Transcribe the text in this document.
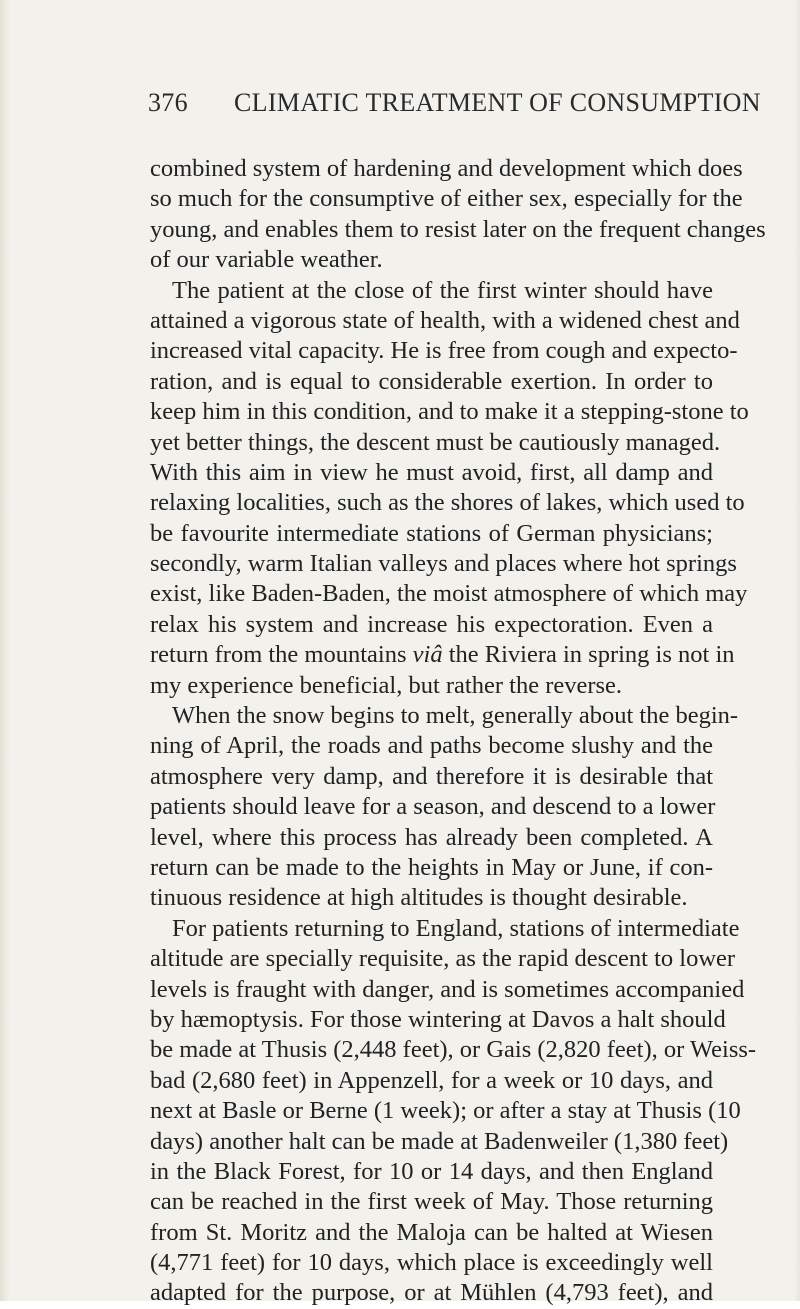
376 CLIMATIC TREATMENT OF CONSUMPTION
combined system of hardening and development which does
so much for the consumptive of either sex, especially for the
young, and enables them to resist later on the frequent changes
of our variable weather.
The patient at the close of the first winter should have
attained a vigorous state of health, with a widened chest and
increased vital capacity. He is free from cough and expecto-
ration, and is equal to considerable exertion. In order to
keep him in this condition, and to make it a stepping-stone to
yet better things, the descent must be cautiously managed.
With this aim in view he must avoid, first, all damp and
relaxing localities, such as the shores of lakes, which used to
be favourite intermediate stations of German physicians;
secondly, warm Italian valleys and places where hot springs
exist, like Baden-Baden, the moist atmosphere of which may
relax his system and increase his expectoration. Even a
return from the mountains viâ the Riviera in spring is not in
my experience beneficial, but rather the reverse.
When the snow begins to melt, generally about the begin-
ning of April, the roads and paths become slushy and the
atmosphere very damp, and therefore it is desirable that
patients should leave for a season, and descend to a lower
level, where this process has already been completed. A
return can be made to the heights in May or June, if con-
tinuous residence at high altitudes is thought desirable.
For patients returning to England, stations of intermediate
altitude are specially requisite, as the rapid descent to lower
levels is fraught with danger, and is sometimes accompanied
by hæmoptysis. For those wintering at Davos a halt should
be made at Thusis (2,448 feet), or Gais (2,820 feet), or Weiss-
bad (2,680 feet) in Appenzell, for a week or 10 days, and
next at Basle or Berne (1 week); or after a stay at Thusis (10
days) another halt can be made at Badenweiler (1,380 feet)
in the Black Forest, for 10 or 14 days, and then England
can be reached in the first week of May. Those returning
from St. Moritz and the Maloja can be halted at Wiesen
(4,771 feet) for 10 days, which place is exceedingly well
adapted for the purpose, or at Mühlen (4,793 feet), and
